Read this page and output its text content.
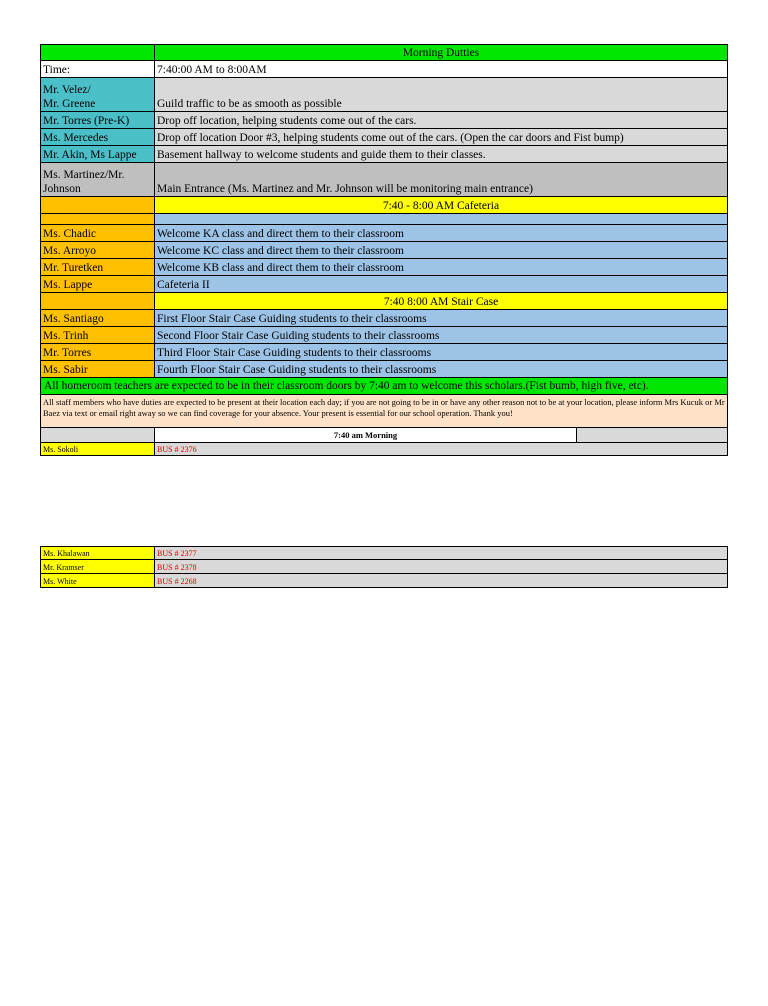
Morning Dutties
Time:	7:40:00 AM to 8:00AM
Mr. Velez/
Mr. Greene	Guild traffic to be as smooth as possible
Mr. Torres (Pre-K)	Drop off location, helping students come out of the cars.
Ms. Mercedes	Drop off location Door #3, helping students come out of the cars. (Open the car doors and Fist bump)
Mr. Akin, Ms Lappe	Basement hallway to welcome students and guide them to their classes.
Ms. Martinez/Mr.
Johnson	Main Entrance (Ms. Martinez and Mr. Johnson will be monitoring main entrance)
7:40 - 8:00 AM Cafeteria
Ms. Chadic	Welcome KA class and direct them to their classroom
Ms. Arroyo	Welcome KC class and direct them to their classroom
Mr. Turetken	Welcome KB class and direct them to their classroom
Ms. Lappe	Cafeteria II
7:40 8:00 AM Stair Case
Ms. Santiago	First Floor Stair Case Guiding students to their classrooms
Ms. Trinh	Second Floor Stair Case Guiding students to their classrooms
Mr. Torres	Third Floor Stair Case Guiding students to their classrooms
Ms. Sabir	Fourth Floor Stair Case Guiding students to their classrooms
All homeroom teachers are expected to be in their classroom doors by 7:40 am to welcome this scholars.(Fist bumb, high five, etc).
All staff members who have duties are expected to be present at their location each day; if you are not going to be in or have any other reason not to be at your location, please inform Mrs Kucuk or Mr Baez via text or email right away so we can find coverage for your absence. Your present is essential for our school operation. Thank you!
7:40 am Morning
Ms. Sokoli	BUS # 2376
Ms. Khalawan	BUS # 2377
Mr. Kramser	BUS # 2378
Ms. White	BUS # 2268
